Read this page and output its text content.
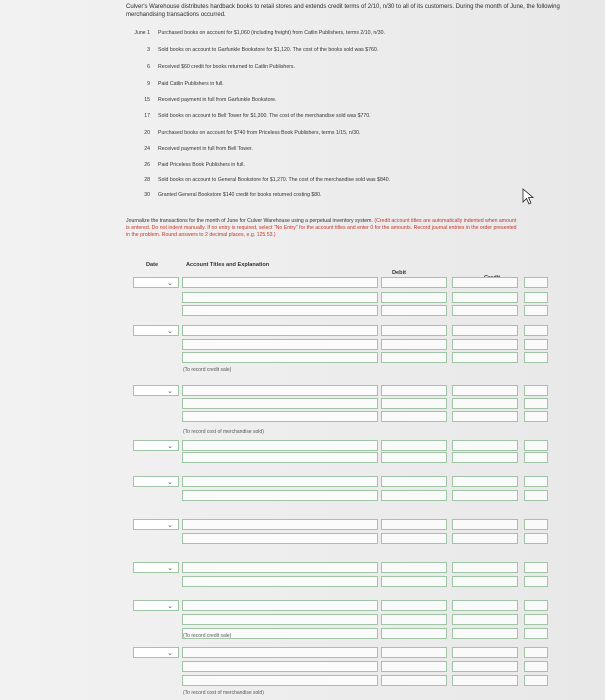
Culver's Warehouse distributes hardback books to retail stores and extends credit terms of 2/10, n/30 to all of its customers. During the month of June, the following merchandising transactions occurred.
June 1 Purchased books on account for $1,060 (including freight) from Catlin Publishers, terms 2/10, n/30.
3 Sold books on account to Garfunkle Bookstore for $1,120. The cost of the books sold was $760.
6 Received $60 credit for books returned to Catlin Publishers.
9 Paid Catlin Publishers in full.
15 Received payment in full from Garfunkle Bookstore.
17 Sold books on account to Bell Tower for $1,300. The cost of the merchandise sold was $770.
20 Purchased books on account for $740 from Priceless Book Publishers, terms 1/15, n/30.
24 Received payment in full from Bell Tower.
26 Paid Priceless Book Publishers in full.
28 Sold books on account to General Bookstore for $1,270. The cost of the merchandise sold was $840.
30 Granted General Bookstore $140 credit for books returned costing $80.
Journalize the transactions for the month of June for Culver Warehouse using a perpetual inventory system. (Credit account titles are automatically indented when amount is entered. Do not indent manually. If no entry is required, select "No Entry" for the account titles and enter 0 for the amounts. Record journal entries in the order presented in the problem. Round answers to 2 decimal places, e.g. 125.53.)
Date	Account Titles and Explanation
Debit
⌄
(To record credit sale)
⌄
⌄
(To record cost of merchandise sold)
⌄
⌄
⌄
⌄
⌄
(To record credit sale)
⌄
(To record cost of merchandise sold)
